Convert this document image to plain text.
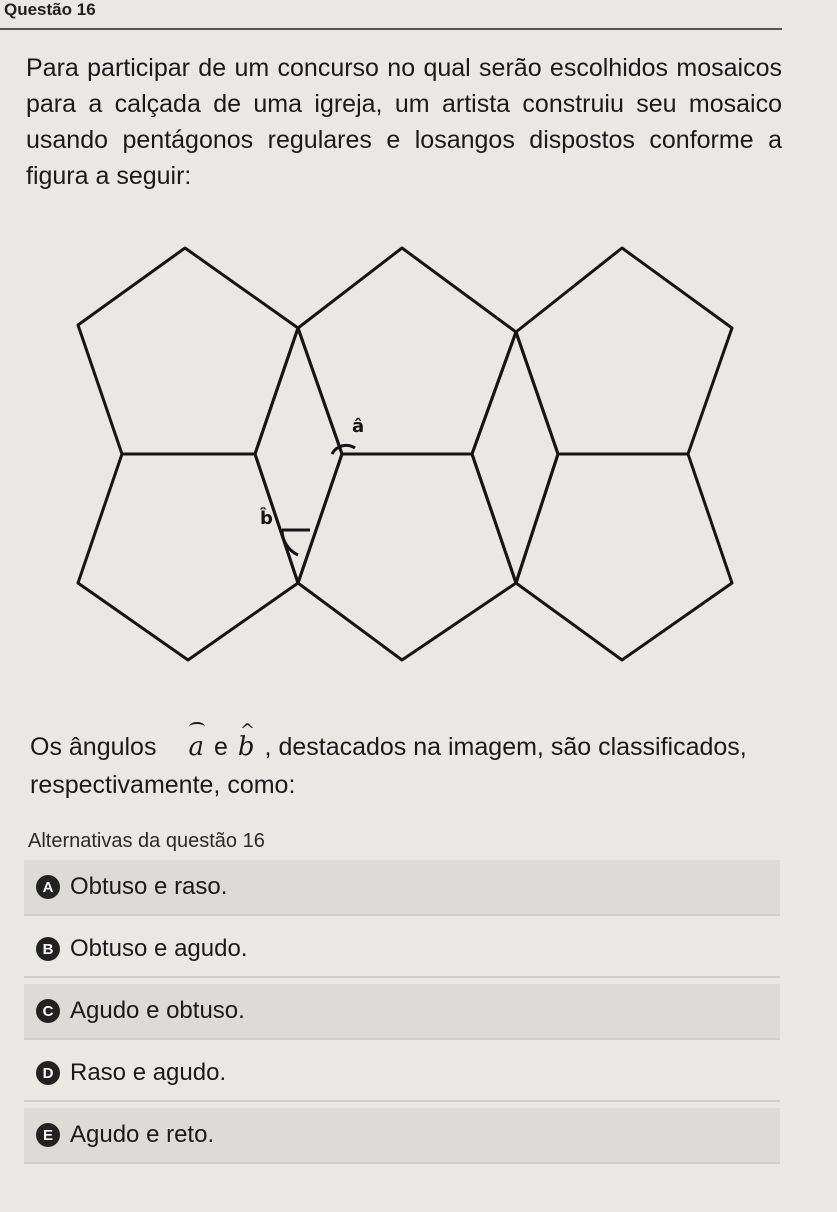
Questão 16
Para participar de um concurso no qual serão escolhidos mosaicos para a calçada de uma igreja, um artista construiu seu mosaico usando pentágonos regulares e losangos dispostos conforme a figura a seguir:
â
b̂
Os ângulos a e b ^ , destacados na imagem, são classificados, respectivamente, como:
Alternativas da questão 16
A Obtuso e raso.
B Obtuso e agudo.
C Agudo e obtuso.
D Raso e agudo.
E Agudo e reto.
